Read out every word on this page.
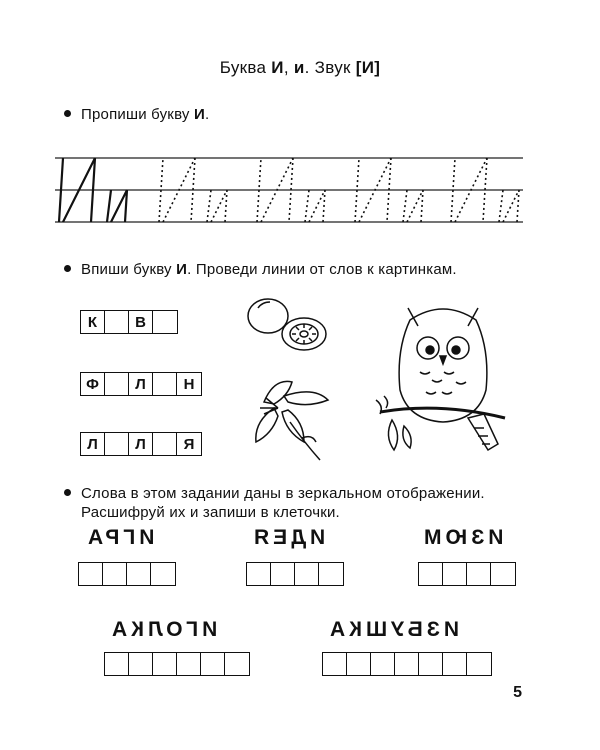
Буква И, и. Звук [И]
Пропиши букву И.
Впиши букву И. Проведи линии от слов к картинкам.
К	В
Ф	Л	Н
Л	Л	Я
Слова в этом задании даны в зеркальном отображении.
Расшифруй их и запиши в клеточки.
ИГРА	ИДЕЯ	ИЗЮМ
ИГОЛКА	ИЗБУШКА
5
